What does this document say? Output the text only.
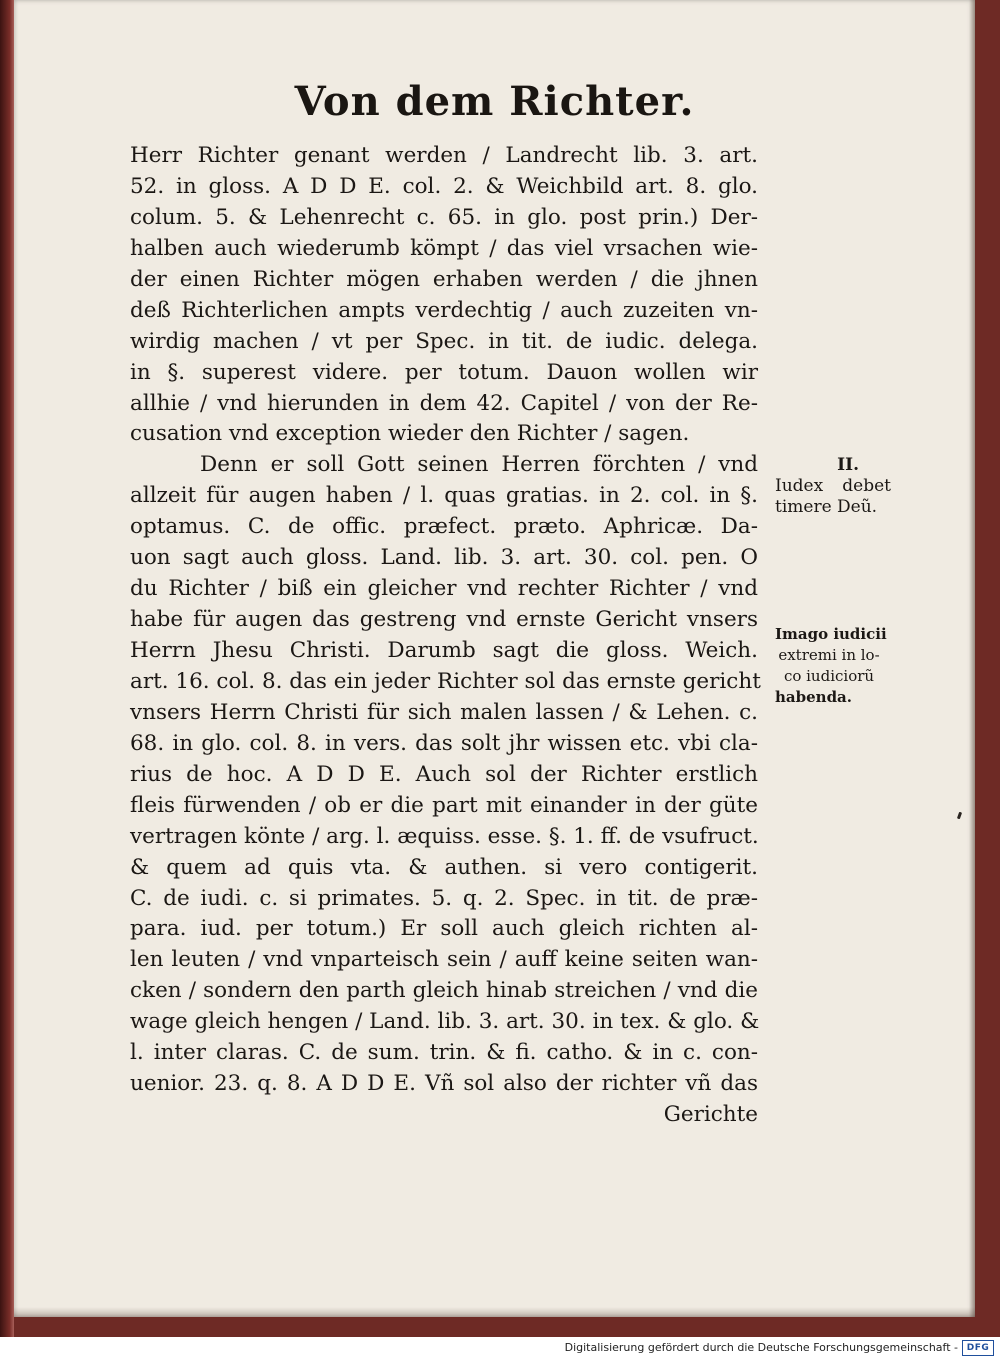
Von dem Richter.
Herr Richter genant werden / Landrecht lib. 3. art.
52. in gloss. A D D E. col. 2. & Weichbild art. 8. glo.
colum. 5. & Lehenrecht c. 65. in glo. post prin.) Der-
halben auch wiederumb kömpt / das viel vrsachen wie-
der einen Richter mögen erhaben werden / die jhnen
deß Richterlichen ampts verdechtig / auch zuzeiten vn-
wirdig machen / vt per Spec. in tit. de iudic. delega.
in §. superest videre. per totum. Dauon wollen wir
allhie / vnd hierunden in dem 42. Capitel / von der Re-
cusation vnd exception wieder den Richter / sagen.
Denn er soll Gott seinen Herren förchten / vnd
allzeit für augen haben / l. quas gratias. in 2. col. in §.
optamus. C. de offic. præfect. præto. Aphricæ. Da-
uon sagt auch gloss. Land. lib. 3. art. 30. col. pen. O
du Richter / biß ein gleicher vnd rechter Richter / vnd
habe für augen das gestreng vnd ernste Gericht vnsers
Herrn Jhesu Christi. Darumb sagt die gloss. Weich.
art. 16. col. 8. das ein jeder Richter sol das ernste gericht
vnsers Herrn Christi für sich malen lassen / & Lehen. c.
68. in glo. col. 8. in vers. das solt jhr wissen etc. vbi cla-
rius de hoc. A D D E. Auch sol der Richter erstlich
fleis fürwenden / ob er die part mit einander in der güte
vertragen könte / arg. l. æquiss. esse. §. 1. ff. de vsufruct.
& quem ad quis vta. & authen. si vero contigerit.
C. de iudi. c. si primates. 5. q. 2. Spec. in tit. de præ-
para. iud. per totum.) Er soll auch gleich richten al-
len leuten / vnd vnparteisch sein / auff keine seiten wan-
cken / sondern den parth gleich hinab streichen / vnd die
wage gleich hengen / Land. lib. 3. art. 30. in tex. & glo. &
l. inter claras. C. de sum. trin. & fi. catho. & in c. con-
uenior. 23. q. 8. A D D E. Vñ sol also der richter vñ das
Gerichte
II.
Iudex debet
timere Deũ.
Imago iudicii
extremi in lo-
co iudiciorũ
habenda.
Digitalisierung gefördert durch die Deutsche Forschungsgemeinschaft - DFG
